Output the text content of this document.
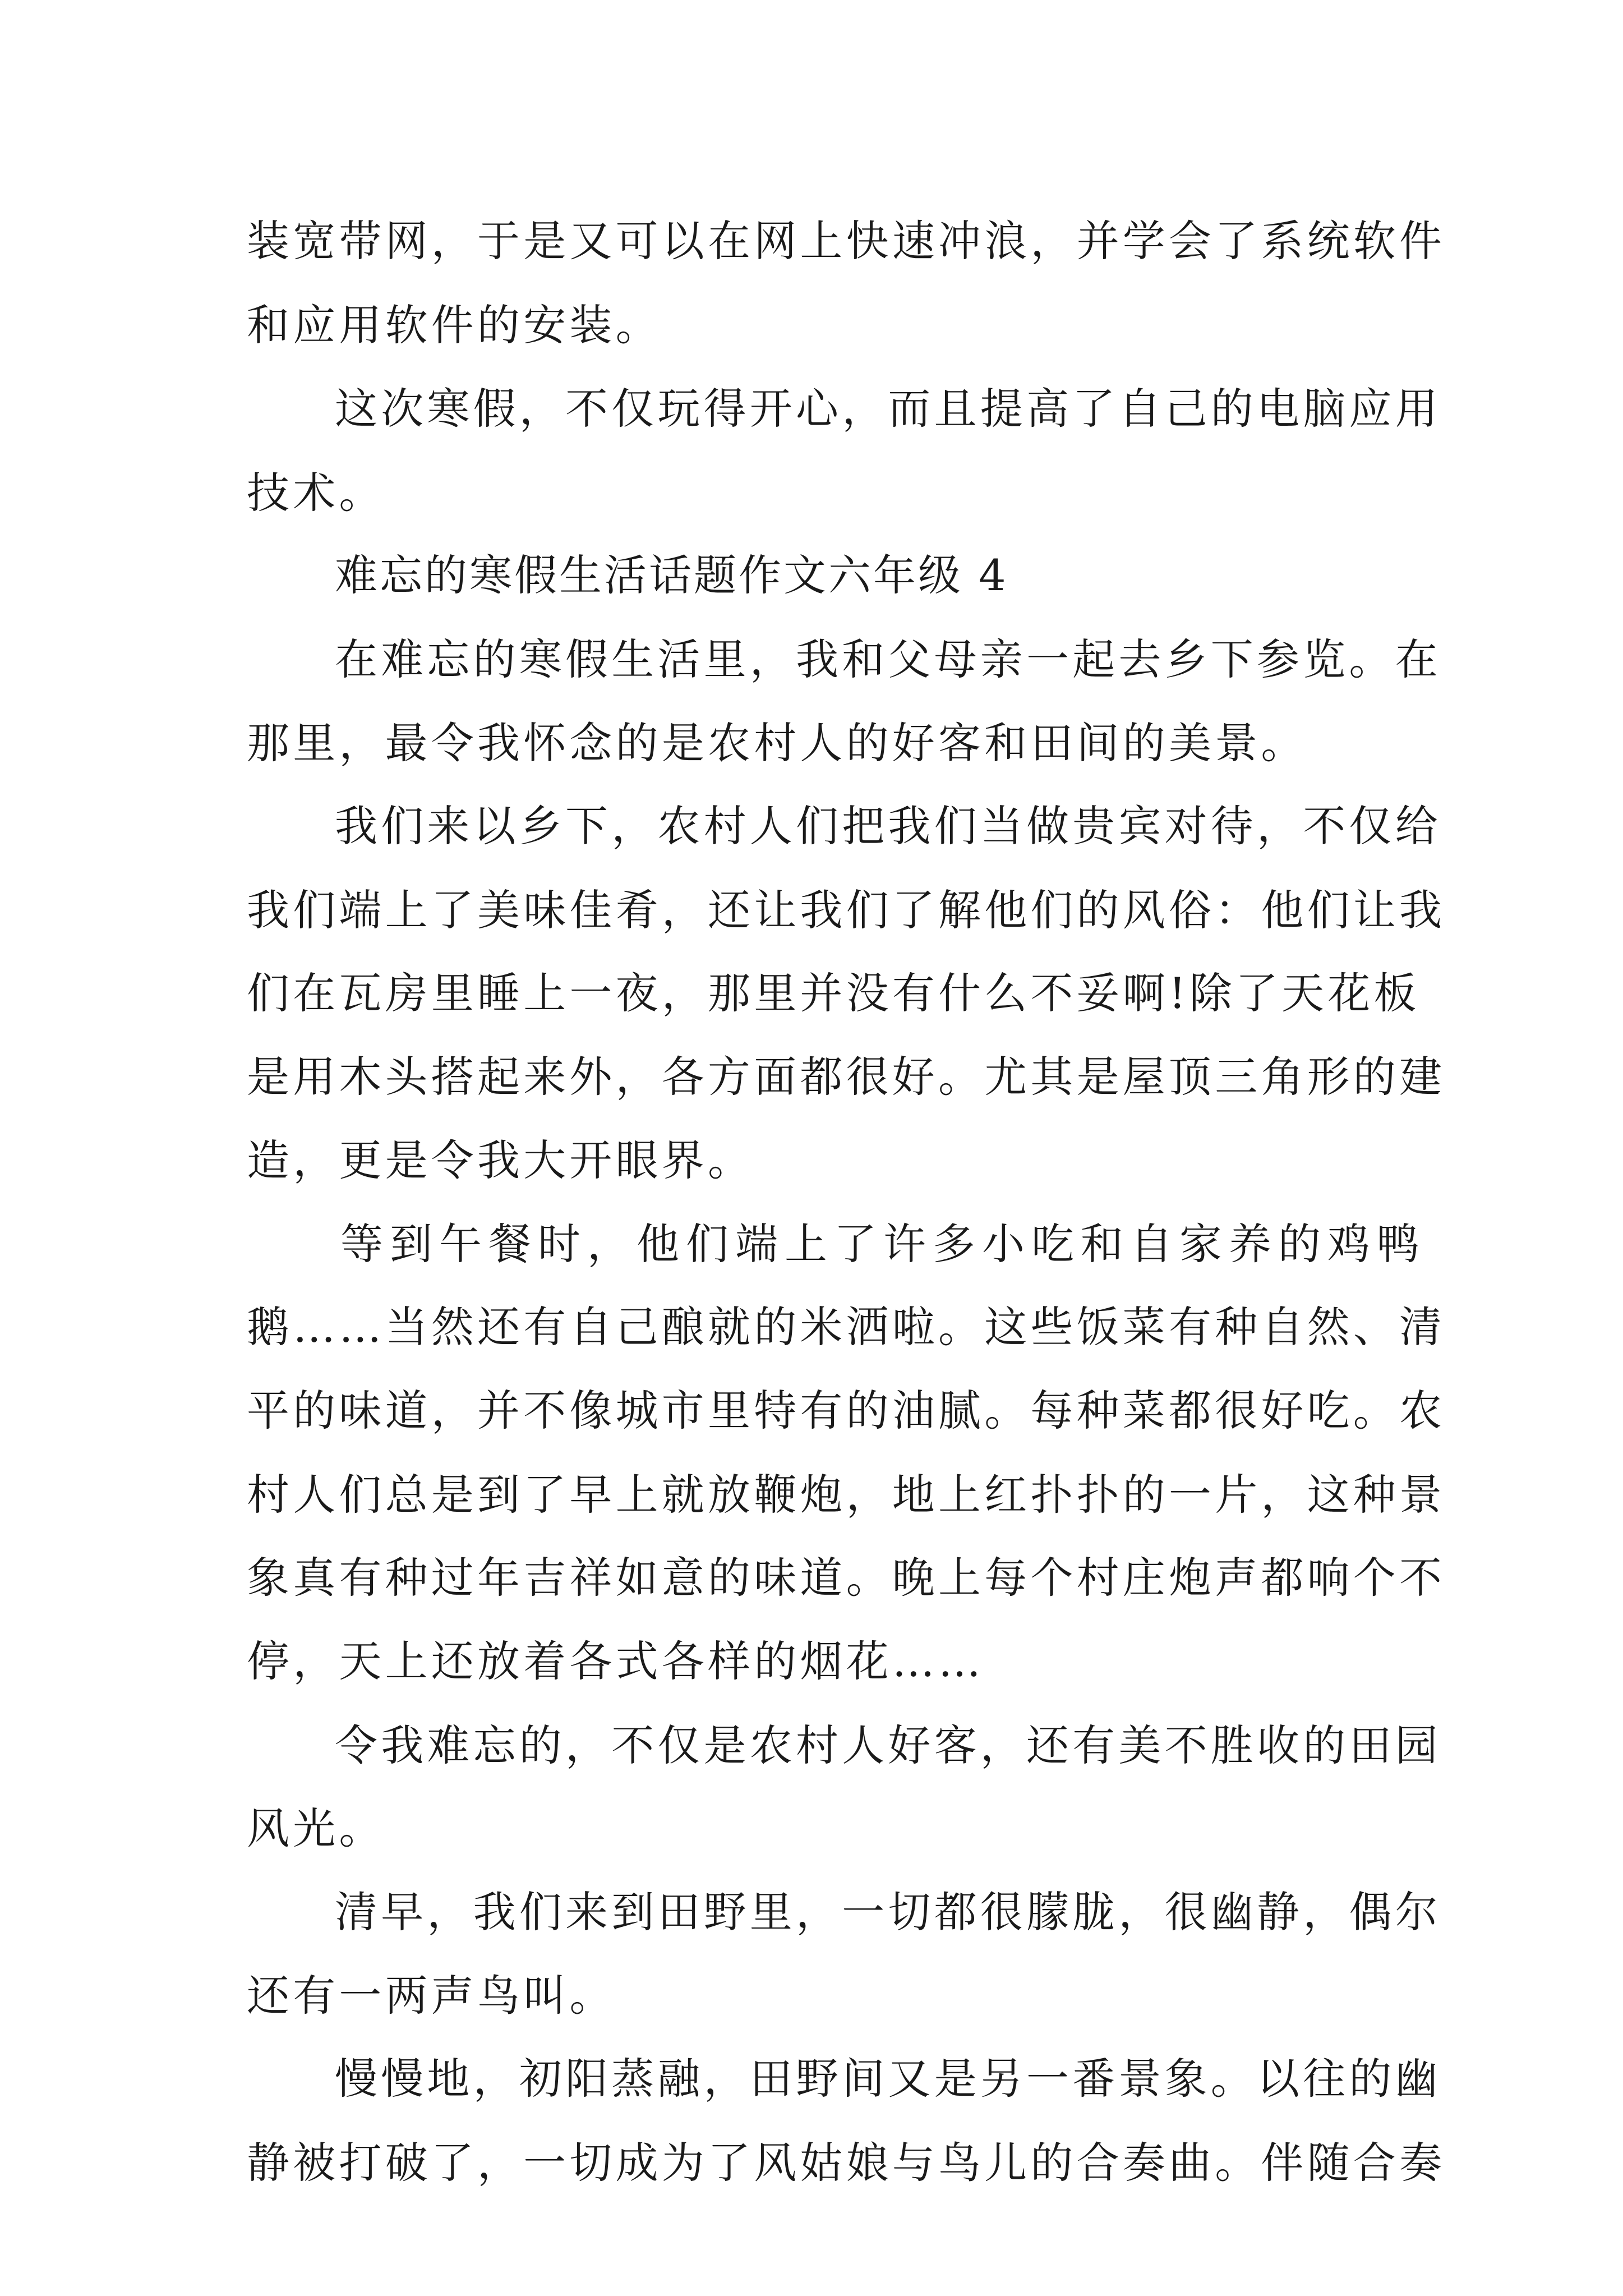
装宽带网，于是又可以在网上快速冲浪，并学会了系统软件
和应用软件的安装。
这次寒假，不仅玩得开心，而且提高了自己的电脑应用
技术。
难忘的寒假生活话题作文六年级 4
在难忘的寒假生活里，我和父母亲一起去乡下参览。在
那里，最令我怀念的是农村人的好客和田间的美景。
我们来以乡下，农村人们把我们当做贵宾对待，不仅给
我们端上了美味佳肴，还让我们了解他们的风俗：他们让我
们在瓦房里睡上一夜，那里并没有什么不妥啊!除了天花板
是用木头搭起来外，各方面都很好。尤其是屋顶三角形的建
造，更是令我大开眼界。
等到午餐时，他们端上了许多小吃和自家养的鸡鸭
鹅……当然还有自己酿就的米洒啦。这些饭菜有种自然、清
平的味道，并不像城市里特有的油腻。每种菜都很好吃。农
村人们总是到了早上就放鞭炮，地上红扑扑的一片，这种景
象真有种过年吉祥如意的味道。晚上每个村庄炮声都响个不
停，天上还放着各式各样的烟花……
令我难忘的，不仅是农村人好客，还有美不胜收的田园
风光。
清早，我们来到田野里，一切都很朦胧，很幽静，偶尔
还有一两声鸟叫。
慢慢地，初阳蒸融，田野间又是另一番景象。以往的幽
静被打破了，一切成为了风姑娘与鸟儿的合奏曲。伴随合奏
